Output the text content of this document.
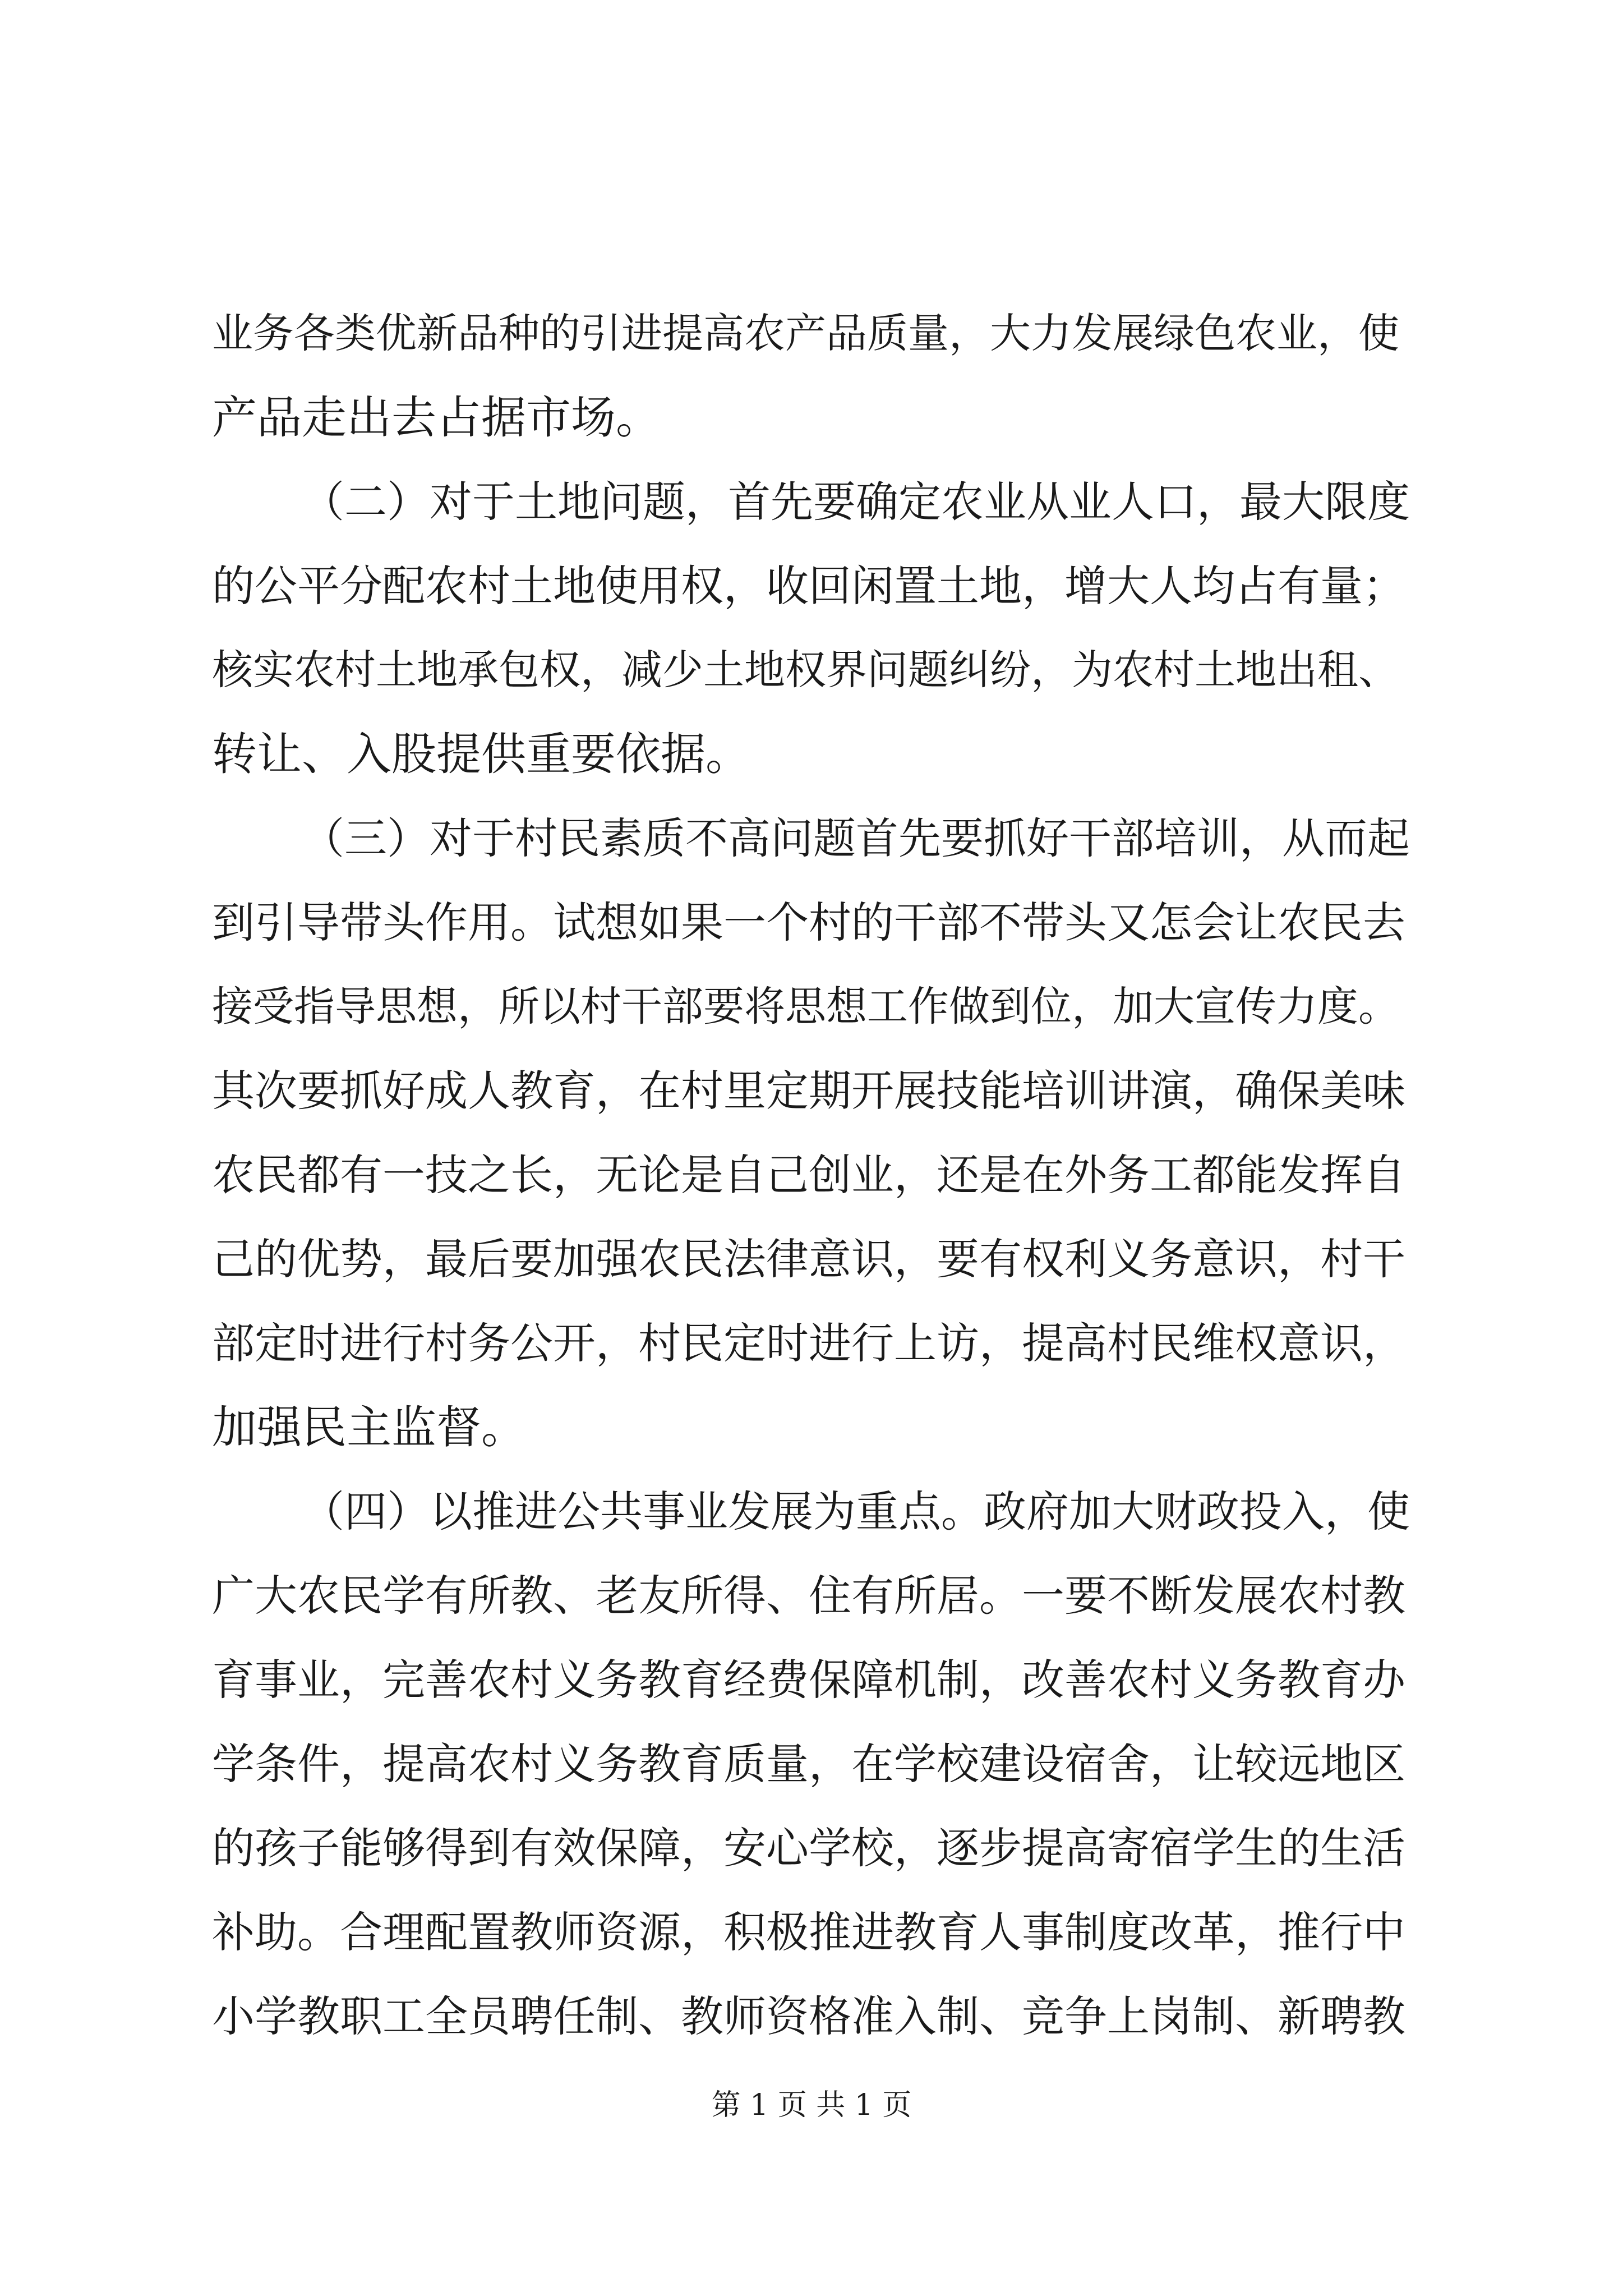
业务各类优新品种的引进提高农产品质量，大力发展绿色农业，使
产品走出去占据市场。
（二）对于土地问题，首先要确定农业从业人口，最大限度
的公平分配农村土地使用权，收回闲置土地，增大人均占有量；
核实农村土地承包权，减少土地权界问题纠纷，为农村土地出租、
转让、入股提供重要依据。
（三）对于村民素质不高问题首先要抓好干部培训，从而起
到引导带头作用。试想如果一个村的干部不带头又怎会让农民去
接受指导思想，所以村干部要将思想工作做到位，加大宣传力度。
其次要抓好成人教育，在村里定期开展技能培训讲演，确保美味
农民都有一技之长，无论是自己创业，还是在外务工都能发挥自
己的优势，最后要加强农民法律意识，要有权利义务意识，村干
部定时进行村务公开，村民定时进行上访，提高村民维权意识，
加强民主监督。
（四）以推进公共事业发展为重点。政府加大财政投入，使
广大农民学有所教、老友所得、住有所居。一要不断发展农村教
育事业，完善农村义务教育经费保障机制，改善农村义务教育办
学条件，提高农村义务教育质量，在学校建设宿舍，让较远地区
的孩子能够得到有效保障，安心学校，逐步提高寄宿学生的生活
补助。合理配置教师资源，积极推进教育人事制度改革，推行中
小学教职工全员聘任制、教师资格准入制、竞争上岗制、新聘教
第 1 页 共 1 页
